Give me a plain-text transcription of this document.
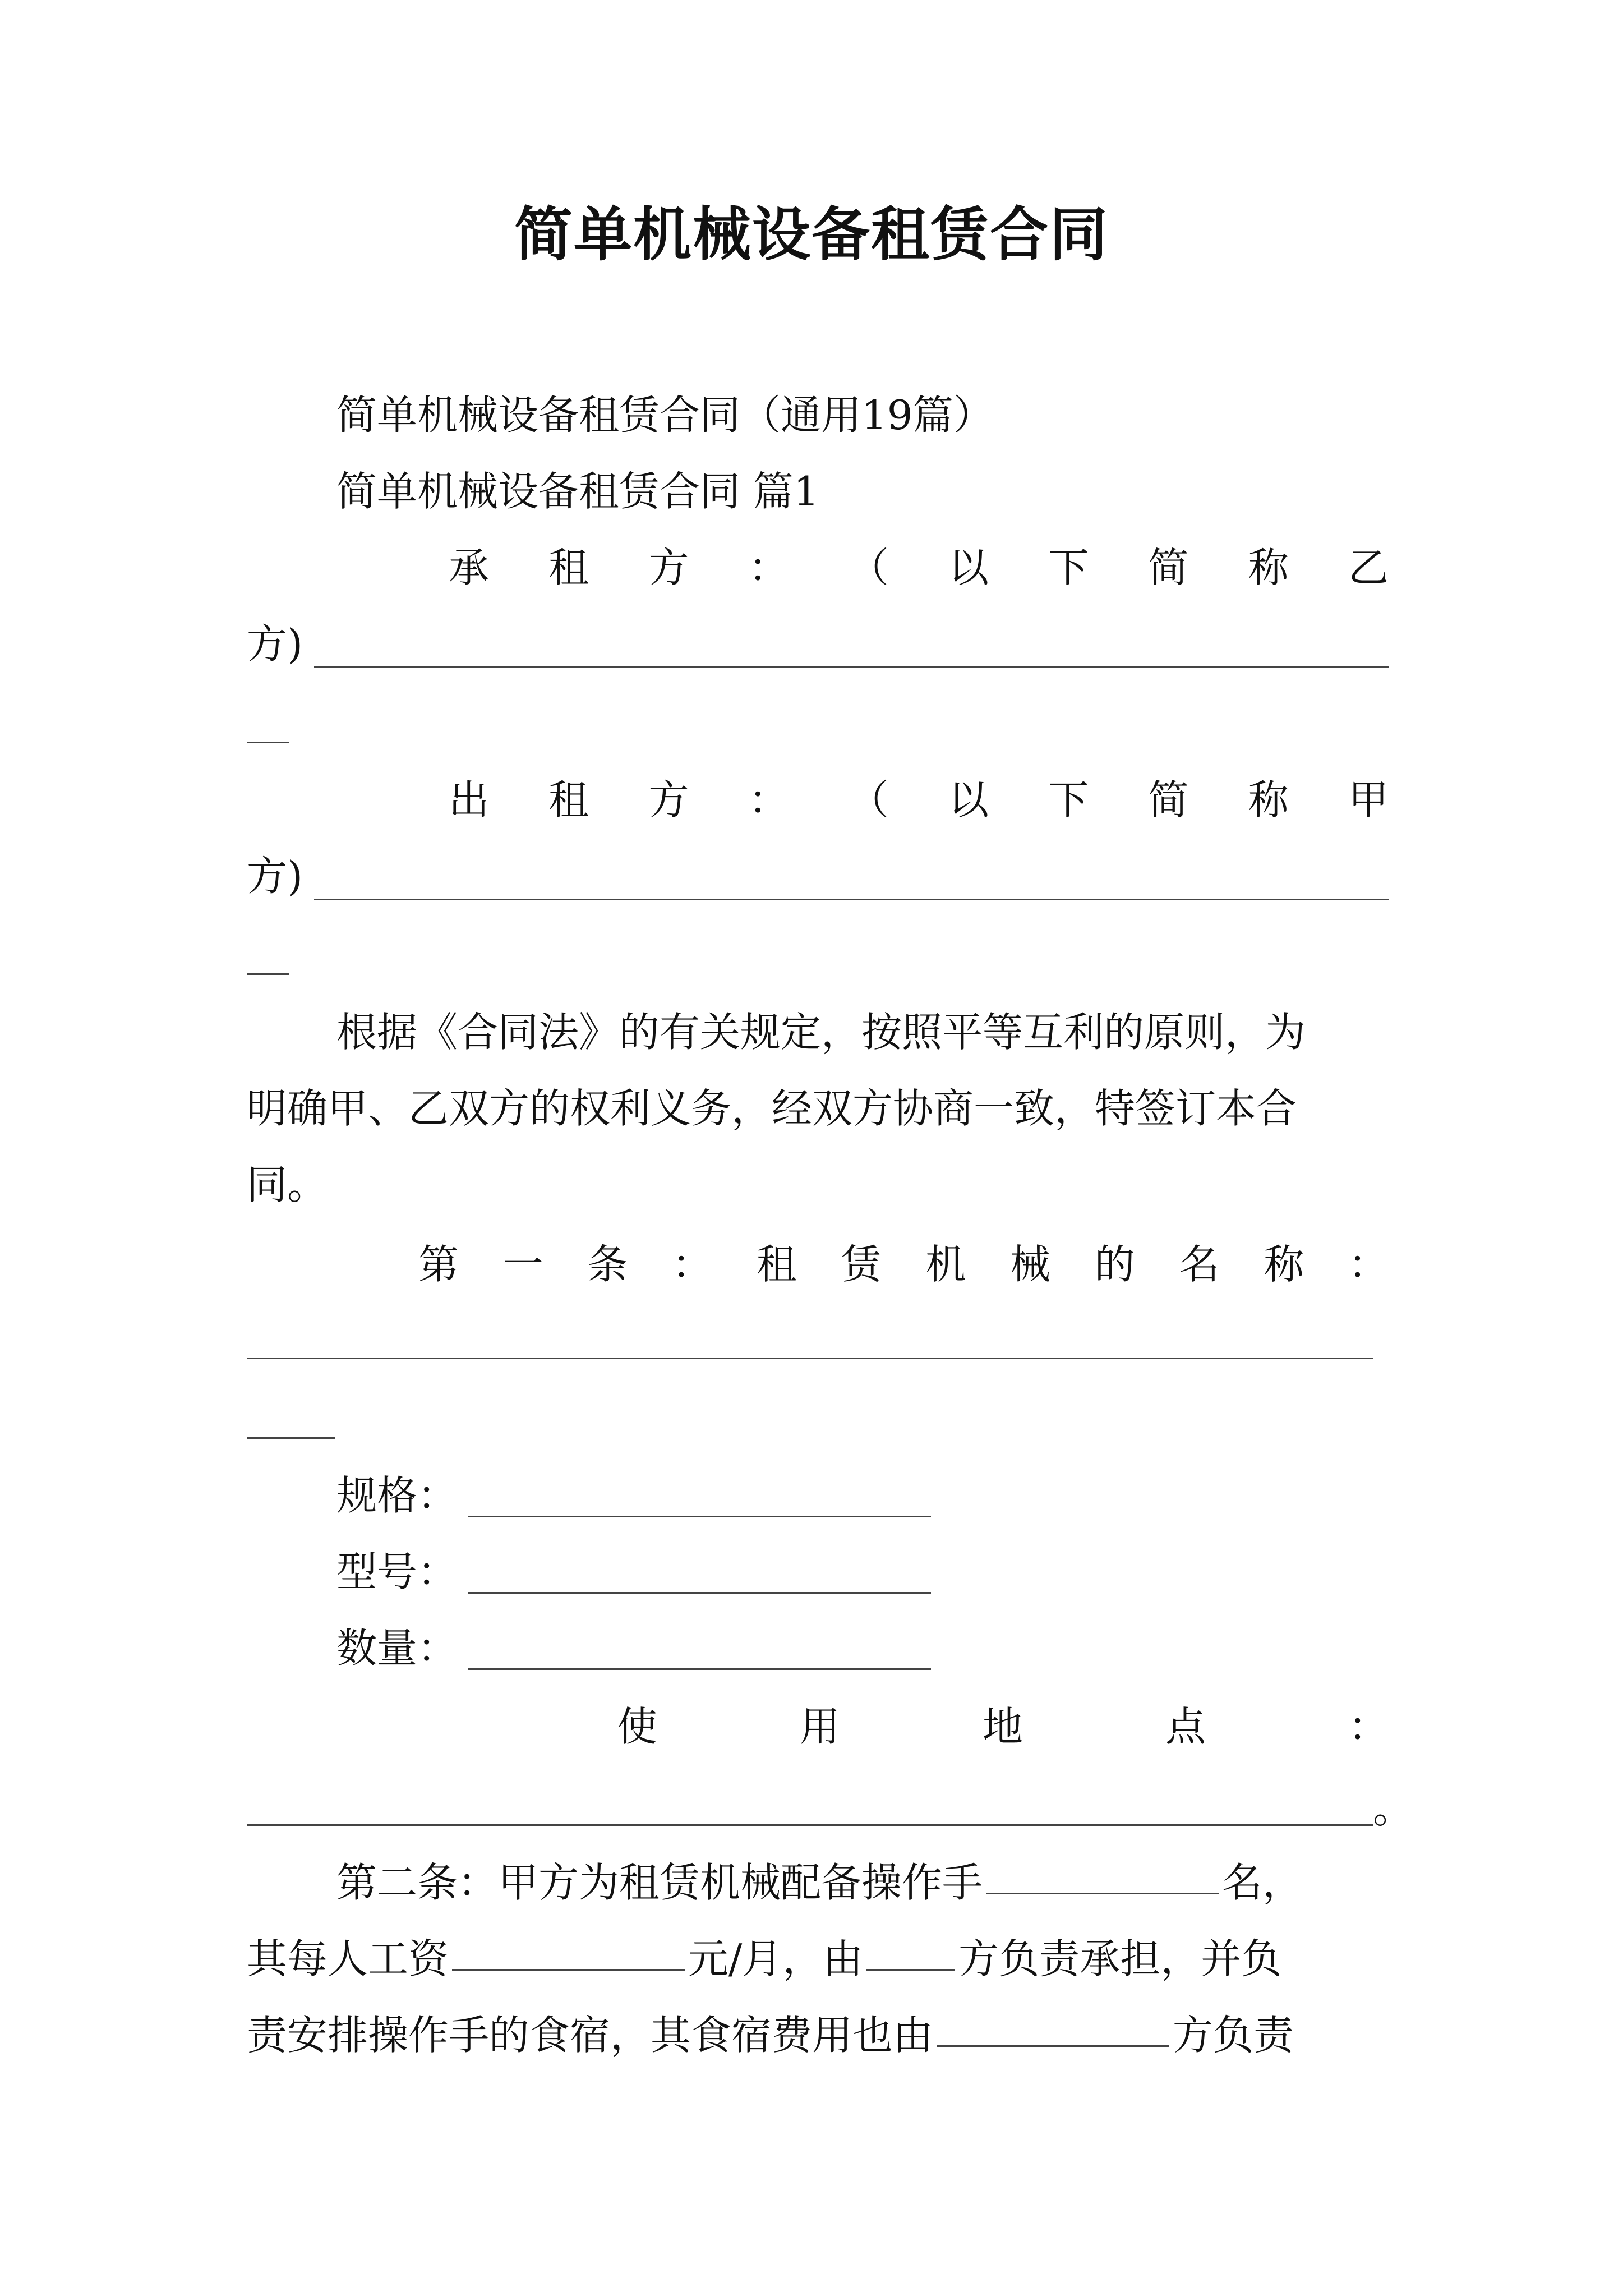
简单机械设备租赁合同
简单机械设备租赁合同（通用19篇）
简单机械设备租赁合同 篇1
承 租 方 ： （ 以 下 简 称 乙
方)
出 租 方 ： （ 以 下 简 称 甲
方)
根据《合同法》的有关规定，按照平等互利的原则，为
明确甲、乙双方的权利义务，经双方协商一致，特签订本合
同。
第 一 条 ： 租 赁 机 械 的 名 称 ：
规格：
型号：
数量：
使	用	地	点	：
。
第二条：甲方为租赁机械配备操作手	名，
其每人工资	元/月，由 方负责承担，并负
责安排操作手的食宿，其食宿费用也由	方负责
